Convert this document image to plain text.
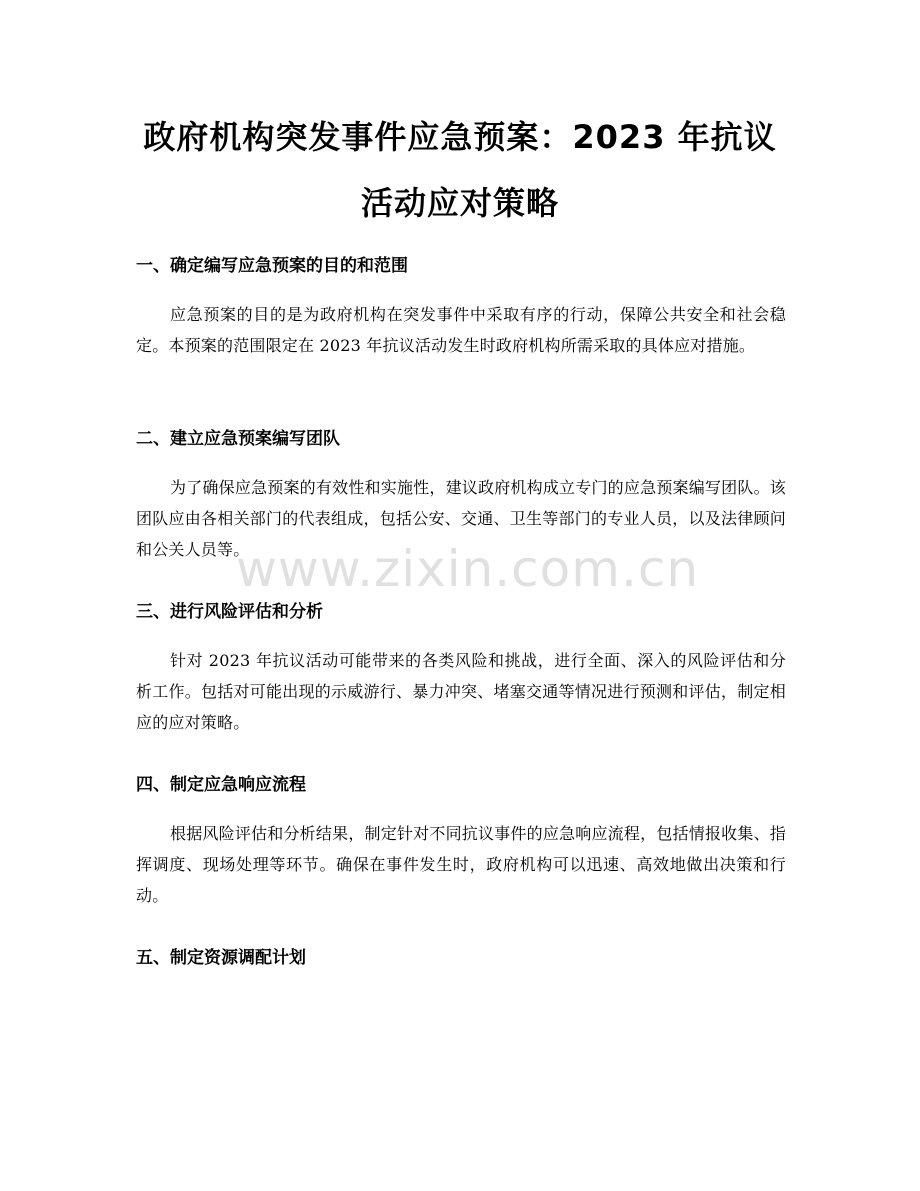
政府机构突发事件应急预案：2023 年抗议活动应对策略
一、确定编写应急预案的目的和范围

应急预案的目的是为政府机构在突发事件中采取有序的行动，保障公共安全和社会稳定。本预案的范围限定在 2023 年抗议活动发生时政府机构所需采取的具体应对措施。

二、建立应急预案编写团队

为了确保应急预案的有效性和实施性，建议政府机构成立专门的应急预案编写团队。该团队应由各相关部门的代表组成，包括公安、交通、卫生等部门的专业人员，以及法律顾问和公关人员等。

三、进行风险评估和分析

针对 2023 年抗议活动可能带来的各类风险和挑战，进行全面、深入的风险评估和分析工作。包括对可能出现的示威游行、暴力冲突、堵塞交通等情况进行预测和评估，制定相应的应对策略。

四、制定应急响应流程

根据风险评估和分析结果，制定针对不同抗议事件的应急响应流程，包括情报收集、指挥调度、现场处理等环节。确保在事件发生时，政府机构可以迅速、高效地做出决策和行动。

五、制定资源调配计划
www.zixin.com.cn
